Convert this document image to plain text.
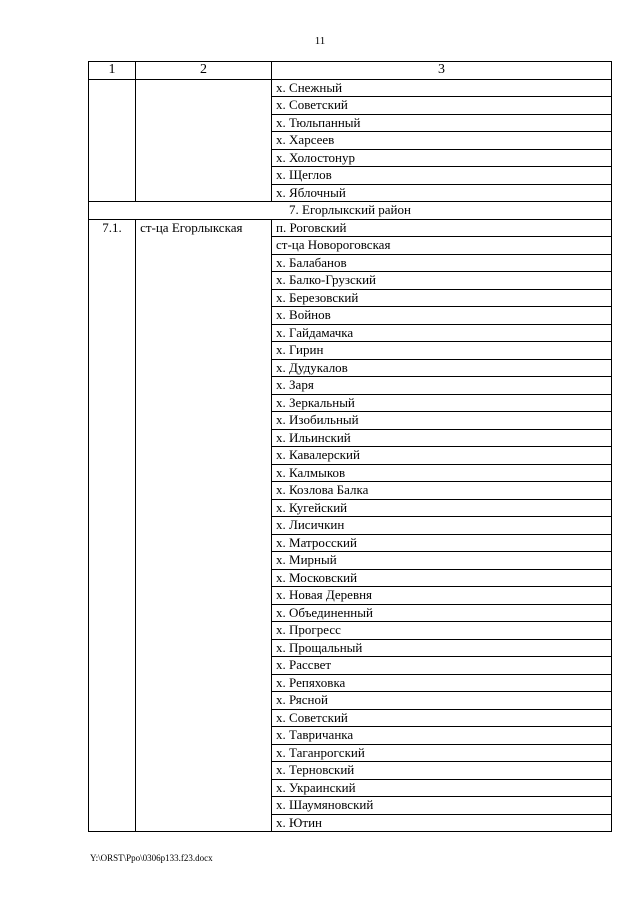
11
1	2	3
		х. Снежный
		х. Советский
		х. Тюльпанный
		х. Харсеев
		х. Холостонур
		х. Щеглов
		х. Яблочный
7. Егорлыкский район		
7.1.	ст-ца Егорлыкская	п. Роговский
		ст-ца Новороговская
		х. Балабанов
		х. Балко-Грузский
		х. Березовский
		х. Войнов
		х. Гайдамачка
		х. Гирин
		х. Дудукалов
		х. Заря
		х. Зеркальный
		х. Изобильный
		х. Ильинский
		х. Кавалерский
		х. Калмыков
		х. Козлова Балка
		х. Кугейский
		х. Лисичкин
		х. Матросский
		х. Мирный
		х. Московский
		х. Новая Деревня
		х. Объединенный
		х. Прогресс
		х. Прощальный
		х. Рассвет
		х. Репяховка
		х. Рясной
		х. Советский
		х. Тавричанка
		х. Таганрогский
		х. Терновский
		х. Украинский
		х. Шаумяновский
		х. Ютин
Y:\ORST\Ppo\0306p133.f23.docx
